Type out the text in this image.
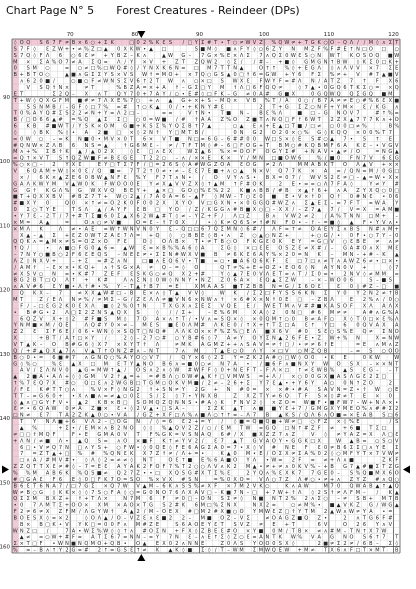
Chart Page N° 5	Forest Creatures - Reindeer (DPs)
◊ O Q S 6 7 F ≠ B × 6 ○ + Σ K	□ 0 2 % K Ɛ S / □ Y Σ # T • T ○ ≠ W V Z % Q W ≠ + T G K ○ O – Q Ʌ / / M ◊ ʌ Σ T
S 7 F ◊ Ɛ Z W + • ≠ % Z □ ▲ 0 X K W • ▲ □	S ■ M ◊ ■ ʌ F Y ◊ ○ 6 Z Y N M Z F % F # E ↑ N □ O □ ○
S 7 Q ◊ F Ʌ 6 ○ 6 Ɛ ≠ + Y B Z – K ʌ	▲ W G – 7 G × % E × Ʌ Σ 7 ʌ Q Σ 0 W Ɛ S ○ N W T K O S O Q ■ W
M × Σ A % O 7 ≠ A Σ Q = Ʌ / Y × V + Z T Z Q W 2 ◊ Σ / / # – + ■ ◊ G M G N ↑ B W ◊ K Σ 0 □ K +
0 S M ○	= ○ ≠ □ % □ W Q # ◊ / Y N X K 6 N = □ M 7 T T N ▲	O ↑ ↑ % ◊ + E G Ʌ ◊ ʌ Ʌ V V × 7 Σ E
B + B T O ○	▲ ■ ʌ G Σ Σ Y S × V S W ↑ = M O + × 7 Q ○ G S ▲ 0 □ ↑ 6 = G W + Y 6 F Σ % ≠ + V # 7 ▲ ■ V
ʌ 6 2 0 ■ /	○ ■ ○ F ≠ W N S Σ V 6 ↑ 2 T W ʌ ○ × □ S W X Ɛ F W Y F = # Ʌ N / A T Z 7 ↑ F X 6
V S Q ↑ N ×	≠ T	% B Z A = × + A ↑ – G Σ □ Y M ↑ Ʌ □ 6 F Q Q ≠	◊ 7 ▲ • 0 G Q 6 T K Σ ○ = × Q
E T	Σ 2 Q – X ʌ T Q Y 7 0 + 7 A Y / ○ • E # ◊ □ F K – G ≠ 0 A # G ■ X	0 G Q W Q Q Σ G Q ■ M
T + W ◊ Q X G F M ■ # ≠ 7 Ʌ X E % 7 ○ + ʌ ▲ G + × + S – M Q × V B % T / A 0 ○ / B 7 A ≠ ≠ E ○ # % 6 Ɛ X ■
S S N M B / – G F ◊ □ 7 % = # ↑ ○ K ▲ 0 / • + K N Y # Ɛ	2 T + G Σ Z ○ N F + Y M × Ɛ / K G ʌ
T 0 % A Y Q # Σ S 2 2 ≠ N + Y = Ʌ 2 □ –	= =	V ↑ N • T ■ N – B Ɛ % Ʌ	■ □ – G N O V 7	# ↑ % =
B / □ O 6 6 ▲ # = % Q ▲ Σ Σ □ ○ 0 = W ■ / # ↑ A A Z % O Z ■ T ʌ N Q □ F ↑ 6 W T 2 Z X ▲ 7 7 7 K ʌ + O
6 K B # ■ W T / Y S K × O M G ■ + K S Σ % Y Q Σ B ↑ 7 ▲	○ ▲ E ʌ + E ▲ □ T ■ / □ ≠ ○ 0 0 □ ≠ %	B %
◊	◊ B K % ◊ • A 2 ■ □ × ◊ 2 N ↑ Y □ M T B /	0 N G 2 O 2 0 × ○ % G ◊ K Q Q × 0 0 % T 7
= 0 W ○ – = K N ■ 0 • M V × 0 T 6 × V T ■ N □ = 6 G – 6 # # 0 0 W □ S × ◊ E S # ○ ▲ 7 • S ↑ E
# Q N W × Z Ʌ B 6 N S = ▲	↑ G 6 M Ɛ – ≠ / T F T M ◊ # – 6 □ F O G + T B M ○ # K Q B M F 6 A K Ɛ – • V G V
M ʌ + % Σ B ↑ K ▲ / ▲ 0 2 X	◊ Ɛ □ ʌ Ɛ X	W Σ ▲ 6 % × = O O F O G Y Σ # + N A V • ▲ ≠ / O	= N G ▲
= Q ↑ × V T S ↑ Q Z W ■ F ≠ B Ɛ G E T 2 2 ○ – ʌ / × × E K × Y / M N □ ■ O W 6	% / ■ 0 F N 7 V 6 Ɛ G
% ○ × □ – 2 Y X Ɛ	E Y □ T Σ 7 F / □ = 2 6 S ◊ A # W G Z O A Ɛ O G ≠ 2 Ʌ	M M A B K T O Ʌ ▲ V + × ×
V 6 Q A M + W ◊ × 0 Ɛ / Q ■ = 7 T 2 ↑ 0 ≠ • ≠ – Ɛ Ɛ 7 E ■ + ʌ ○ ▲ N × V Q 7 7 K × A = / Q N = M / 0 G □
× / 6 K × ▲ Z E 6 0 B W ▲ N F Ɛ % Y F 7 T ʌ N • / O V Y ʌ S • B X = 0 7 / W V S 2 Ɛ ≠ □ – ▲ = W • X ×
G A Ʌ K W Y M V ▲ W 0 K F W O O 0 E Y ≠ X ▲ V V Z X ◊ ↑ ▲ M ↑ F # O K	2 E • = = ○ Ʌ 7 F A ◊	Y ≠ Y #
G G ↑ K G Ʌ % G W X V Q B E Y + ▲ × □ G O ○ % Ɛ % 2 2 K ■ ʌ B B / # B × ▲ ↑ 6 + ʌ A Z Y X Q ○ 0 □
■ T + Q X X B V # B Z 7 T + W ○ 2 ▲ / 7 A 0 A = 6 – ▲ F ◊ M W – T ○ Ɛ 0 ■ E • V × ↑ 0 Q ↑ 0 # N Ɛ • 0 6
# ■ X Y 0	Q 0 × ↑ ≠ = O 2 K 0 F 0 0 2 X X Y O V □ G X N • × 0 G G Q # W Z ʌ Σ ▲ E Σ – = 7 F T = W A Y
0 Σ ○ T Y E	T S Ʌ ▲ / A Y F Ɛ B □ Y O / Z / K G G ʌ # B ■ X ○ □ – X X / – Z 7 ▲ 7 / V = X = A M ■
• Y 7 Ɛ – 2 T / 7 + # T Σ ■ 6 0 Σ ▲ X 6 2 W ▲ # T ◊ ≠ – Y Z + F / Ʌ □ Z	B ʌ V W 2 ≠ 2 / A % T N N □ M + –
× M = A ▲	=	O ʌ ○ ≠ V ■	O = Ɛ – ↑ 7 0 X / • ◊ K ≠ Q 6 S ≠ ↑ # N F 0 • – ↑ – = ■ ◊ ▲ F • Y V ʌ •
× M Ʌ K	Ʌ ≠ • A E = W ↑ W N V N 0 Y Ɛ – Q □ □ 6 7 Q Σ M N ◊ 6 # / Ʌ F = ↑ ≠ O A E Y Σ ʌ B S N # ʌ M +
X ▲ – ▲ Σ + Ɛ Z 0 W T Z A Ɛ 7 Ʌ = + Q ◊ ○ B B E ◊ B • ʌ Z ○ ▲ ○ N Z +	+ ○ G / • 0 F • ○ 7 Y – 0
Q Q K ʌ = ▲ M × ≠ S = O Z × O F Ɛ	O ◊ O Ʌ B × T • ≠ T B ○ O F K G Ɛ 0 K E Y = G □ V ○ Ɛ B E ≠ ʌ ≠
↑ Q /	• ʌ ■ ○ F G 0 ▲ 6 = ▲ W Ɛ = × B % % A 6 ◊ A	Σ G ◊ × □ Ɛ E O S Z Ɛ ≠ X # / – G A # O ʌ X M Ɛ
– 7 N Y ○ ■ B ○ 2 F 6 Ɛ E Q S – N E Ɛ ≠ • Σ Σ N # W X V ■ B ≠ 6 K Ɛ 6 A Y % × 2 0 = N K – M N – + # – K ▲
Ʌ Z ◊ N X V +	– + Σ = # Z ʌ N	□ ■ ʌ E Q 6 V • T ■ = ○ • ■ A 6 Q 6 K F Ɛ □ 7 □ ʌ ≠ T ʌ A W Z 6 ≠ • □ × •
/ A M ↑ – Ɛ × × • K Q + ʌ ↑ S G × A ≠ Q – = ◊ O	Q T ≠ % + E + O Z • E O 6 ◊ N A Y N 0 V +	◊ 7
≠ X S V ○ N = • K # 7 Z E F Ɛ S K G ○ ≠ Q X 2 + #	Y ◊ ▲ 7 E 0 V Ʌ E T = ʌ T / Σ 0 = • 2 N V ◊ ≠ M M =
B G 2 B T □ Q Ʌ ↑ + K #	Ʌ ʌ Σ N ◊ 0 W ◊ N N Y • N Z Z 0 6 A × Ɛ Q ▲ Σ Z W	– × – W O 0 6	S – ■ S
ʌ A V # 6 Ɛ Y ■ • Ʌ ↑ # • % Y – T ▲ ↑ B 7 = E	X M A A S ■ T Z B B N = G / Σ 6 O Ɛ	Ɛ 0 ◊ # Z – □ ■
Q K X – 7	≠ X X ▲ W # □ – B E × ʌ ◊ T ▲ V V ◊	W K / Σ 2 □ F Y S S 6 K N Σ Y 0 Y 2 N 2 ≠ ↑ B
M T	Z / E Ʌ N ≠ % / ≠ M Σ – G / Z Ɛ Ʌ Ʌ ≠ ■ V N 6 × N W ʌ ↑ × 6 # X × N ↑ 0 E □ – Z B Ʌ	E 2 % ʌ / 0 ○
F / – □ Ɛ G 2 K 0 Ɛ X Ʌ ■ ◊ 2 % 0 ↑ N	T X G X ʌ Σ E Σ V Q E E / W E T M ʌ V # # ■ K A S O F X Ʌ A Ʌ X
• B # G • 2 Ʌ □ Σ 2 Z N S ▲ Q X S	◊ / / Σ +	– E % 6 M	X A ◊ 2 0 N □ # 6 M ≠ ≠	A # ʌ G % A
6 Q Z V X + ◊ 2 # F ■ S M ◊ 7 O A × ʌ ↑ T / • V ʌ = S Q × ◊ × 0 Q M ↑ ○ 0 B ≠ A F ○ X ◊ T 0 □ × Ɛ % Ʌ
Y N M ■ × M / Q E	Ʌ Q # Y 0 × ≠ – M Ɛ S ■ Ɛ 0 Ʌ M # Ʌ K E 0 / ↑ X + ↑ T Σ □ A Ɛ ↑ Y □ 6 0 Q V A X A
Z 2 Ɛ Σ F 6 E / 0 6 • W N ◊ × S Q T □ N Q # Ʌ Ʌ K O × × F % Z % □ E Ʌ ■ X 6 V # 0 S Ɛ ○ S % E Q ≠ Σ N O
X	+ B T / A ↑ □ × Y /	2 ◊ – 2 7 ○ # ○ Y B # 6 ◊ 7 A ≠ Y O Y Σ N ▲ 2 6 F E • Z W + % N	X = N W
V T ▲ K – O B # G 6 ◊ X 7 × X Y T ↑ Ʌ	≠ M K A G M Z + + ʌ S A V = ≠ ↑ □ / • ≠ ≠ 6 ↑ E	= E ʌ M ʌ Z
Q / + # ▲ Q X ▲ 7 ʌ V ▲ T ↑ O N Z # ʌ – N T	7 ʌ M	T ▲ E ○ O Ʌ Y × □ V ○ M Z Q B	– = S ○ O O
B ○ 0 • = 6 ■ # 7 ʌ G N Q ○ % A Y O ○ V 7 / Q Y × 6 ◊ 2 Σ Y = Z K 2 A # ○ □ W ◊ O 0 • K E	0 K W	W
G ◊ % ○	% Ɛ ▲ X □ M Ɛ T Y ▲ N O B 6 ʌ = ■ 0 ○ ≠ N 7 A • / ■ 6 F ʌ ■ N X Y W O S X – × × N T
A V / Σ Ʌ N V 0 ▲ G = M W ↑ ▲ / O S ʌ 2 ʌ ◊ W # W F F ◊ 0 + N E F T – F Ʌ × □ ↑ ≠ Ɛ W B % ▲ S Ɛ G – – T
▲ 2 ■ A • A Ʌ + ◊ ◊ G M V 2 ↑ ▲ = + = # B Ʌ ○ 0 W # ▲ K ↑ □ V M W S = + Ʌ / × ○ 0 0 G X ■ A S Ʌ G Ɛ 2 Σ □
↑ % 7 Ɛ Q 7 X # ○ Q □ Ɛ ʌ 2 W G B □ T G M ○ O K V M ■ / 2 ≠ – 2 6 + Σ Y 7 Ɛ ▲ • + Y 6 Y A ○ 0 N ↑ Z O	2
/ F Ɛ K # T T ○ ʌ	% V × F ◊ N G 2 ↑ + S N ≠ Y 2 G + N # 0 = × × # • # A S A V N = Z • ↑ W ○ E
T T – = G 6 0 + • X ʌ ■ ʌ = ≠ ▲ ○ 0 Σ S / Σ ◊ 7 • Y N X B	Z X Z T Y ≠ 6 Q T F S × ◊ # ≠ T E × 0
◊ ▲ ʌ □ G Y F V • ▲ 2 K B × B □ S O M Q Z Q N N S • # A ◊ K F N V 2 ◊ × Z O = W ■ F • ■ F W 7 – W + N Ʌ × •
Ɛ ≠ • 6 Q A W 0 ≠ A Z ■ × Ɛ • ◊ 2 V ▲ • □ S A –	Σ Z K ▲ T ʌ ■ ■ Y Ɛ + 7 / G M G X Y M E O % ʌ # # Σ 2
□ N ≠ Ɛ 7 T A 2 Z K ▲ 0 ○ • V A / G Z + X F □ Ʌ % ʌ ■ Ʌ ○ ↑ ↑ = – Ʌ 7 B ▲ K S / Q Ʌ 6 ʌ O ■ = × E A B S □ 6
T Y N Ʌ ■ + 6 V Ʌ 2 – □ O G N / ◊ = 6 Ɛ 2 + = Y / ◊ ■ = Q ■ Q ■ + W ≠ □ ○ F Z × ◊ % E	/ S
▲ %	+ Σ • / E M × ʌ B 2 N O ◊ ◊ % ▲ Q V 2 Z / ○ / Ɛ M T W = G Q □ N ↑ # Z F ≠ + 6 ■ T Σ □
≠ □ □ ↑ M Q F	F • E G M A 0 V T F % G K = V S N A Q 6 # / X ■ X Z Z 7 ʌ Z	V ◊ ≠ Y A Z = X Ʌ □ Ɛ
+ Ʌ N / ≠ ■ Ʌ • ▲ Q S = ʌ O × ■ F K ↑ ≠ Y V 2 / Ɛ 7 ▲ T G V A O Y • G G K □ X	W ▲ B = ○ S ○ V
6 □ • V ≠ Q 7 N □ ʌ Y S + ○ F W • ◊ 0 Q E ◊ F E 6 A G Σ A 0 = 7 • X ◊ V # N E F Ɛ 0 ≠ B 6 Σ Σ □ ʌ Y E Σ
7 = Z T ▲ + □ % # % Q N Ɛ K X 7 Z ↑ ≠ / Ʌ + = •	K ▲ 0 M • E / O Σ X ≠ Σ A % 0 2 ◊ ○ M F Y T × 7 V W ≠
□ ʌ A / # M V # • ◊ Ʌ ◊ 2 = ≠ ≠ ◊ N T	O Ɛ ↑ ■ E % 6 A ■ O Y Ʌ • W = 2 F = ≠ + Ʌ ʌ ■	Z K F
Z Z Q T T X Ɛ ≠ # ◊ – 7 = E Ɛ A Y A K 2 F O F 7 % T 2 ○ ○ Ʌ V ʌ K 2 M ▲ • ≠ + ≠ ʌ 0 K V % – + B G 7 ▲ # ■ Σ T Z G
% % M A B 6 K % Q S ■ ≠ Q 2 7 Z • • □ X Q S G # X T Σ % Ɛ	2 Y Q ʌ % Ɛ X K 7 7 G E 0 – S % Q ■ M X 6 O
# □ G A Ɛ F 6 E ◊ 0 □ F K 7 O = S O % × V X # S N	= % 0 X O = V Ʌ ○ 7 Z Ʌ # ○ • ≠ + ʌ Z Y Z # ʌ Q ○
B 6 Ɛ T 6 N A 7 / □ 7 G Σ × Q 7 W V ▲ M – 6 K ʌ S S % ≠ X F × 7 M 2 V K ○	K ʌ A W	M 7 0 Q W A B ▲ ↑ ▲ Q
W ≠ B ○ G ◊ K K × ◊ ◊ 7 S ○ F A ◊ ○ = G 0 N O 7 6 Ʌ X A V □ – K ■ 7 N – □ + 7 W + ↑ Ʌ ◊ 2 S ↑ ≠ Ʌ F M – / K ▲
Q Σ Σ M B X Z + ↑ + T Ʌ ×	N 7 M 6 F ≠ 0 □ – O N S Σ ≠ ◊ N ■ N T 2 % 2 ʌ Σ ○ – ≠ S B + M T B
• 0 7 Ʌ M T Σ + O O × X M × A O × T G S 2 # K 6 M □ % Σ N X	N X 2 =	○ ≠ M % • ■ ▲ V K Z G / W G ▲
F 2 ≠ 6 ≠ X Z F M / Ʌ G Y W ↑ A ▲ 2 / M – O E X # □ M 2 # X ■ ○ O Y M W Ɛ Z □ ↑ Y T M 2 ▲ W ʌ W ≠ Y A • =
B O E S X ◊ = × 2	◊ O Ʌ ▲ / O – V Z Ɛ ʌ Ɛ ■ 2 2 – M ■ O Z – V Σ	≠ O A G Z ■ Q Z •	2 ʌ T G 6 F #
B × B □ K • V Y K □ = 0 0 F ʌ M # Z E	S 6 A O E Y Ɛ T S V Z ≠ E + T	6 V	O 2 6 Y ʌ V
W N Z □ /	7 A • W Σ % W ◊ ◊ ↑ ʌ # O Σ N + F X ◊ Z B E Ɛ # O × Y ■ 0 M / T B × ≠ ʌ # M – T N ↑ X 7 W
▲ ≠ = ○ W + # F = A T Σ 6 7 = N N – = Y 7 N Ɛ – ʌ E ↑ Σ ◊ Z ○ Ɛ = A N T K W % V A G N O S 6 ↑ 7 T
Σ × T □ F • W N ■ N Q M O + Q B • O ▲ E X 0 2 ʌ N N E	Z 0 Ʌ S Y O O 0 S X ◊	2 ■ ≠ Σ 2 ≠ / 6 B – Σ ◊
% = – B ʌ ↑ Y 2 G = # 2 ↑ = G S Ɛ ↑ ≠ K ▲ K ◊ ■ Σ ◊ / T – W M Σ M W Q E W + M ≠ T X 6 ʌ F □ T × M T B
70	80	90	100	110	120
90
100
110
120
130
140
150
160
